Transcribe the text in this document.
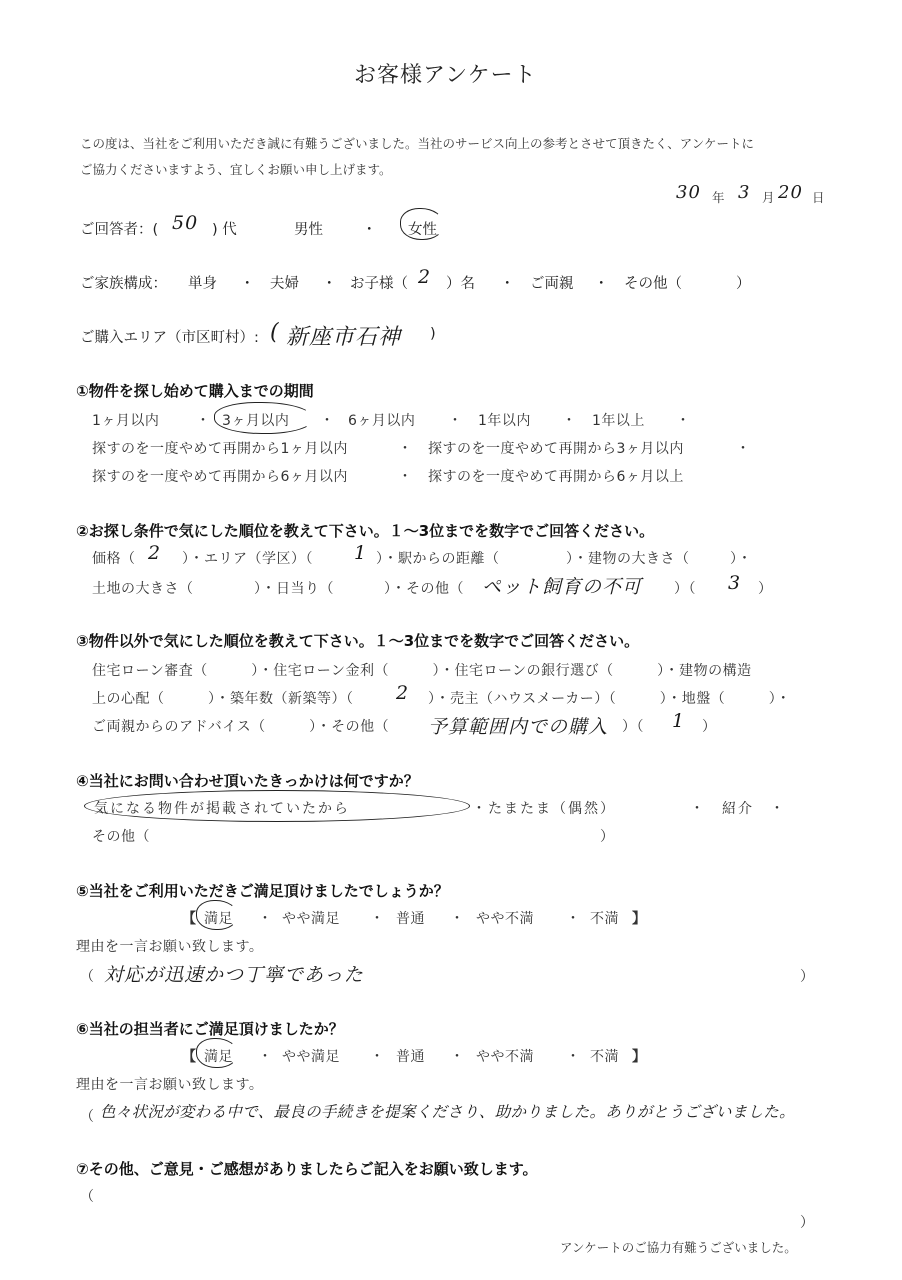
お客様アンケート
この度は、当社をご利用いただき誠に有難うございました。当社のサービス向上の参考とさせて頂きたく、アンケートに
ご協力くださいますよう、宜しくお願い申し上げます。
30 年 3 月 20 日
ご回答者：( 50 ) 代	男性	・ 女性
ご家族構成： 単身 ・ 夫婦 ・ お子様（ 2 ）名 ・ ご両親 ・ その他（	）
ご購入エリア（市区町村）: ( 新座市石神 )
①物件を探し始めて購入までの期間
1ヶ月以内	・ 3ヶ月以内 ・ 6ヶ月以内 ・ 1年以内 ・ 1年以上 ・
探すのを一度やめて再開から1ヶ月以内	・ 探すのを一度やめて再開から3ヶ月以内	・
探すのを一度やめて再開から6ヶ月以内	・ 探すのを一度やめて再開から6ヶ月以上
②お探し条件で気にした順位を教えて下さい。１～3位までを数字でご回答ください。
価格（ 2 ）・エリア（学区）（ 1 ）・駅からの距離（	）・建物の大きさ（	）・
土地の大きさ（	）・日当り（	）・その他（ ペット飼育の不可 ）（ 3 ）
③物件以外で気にした順位を教えて下さい。１～3位までを数字でご回答ください。
住宅ローン審査（　　　）・住宅ローン金利（　　　）・住宅ローンの銀行選び（　　　）・建物の構造
上の心配（　　　）・築年数（新築等）（ 2 ）・売主（ハウスメーカー）（　　　）・地盤（　　　）・
ご両親からのアドバイス（　　　）・その他（ 予算範囲内での購入 ）（ 1 ）
④当社にお問い合わせ頂いたきっかけは何ですか？
気になる物件が掲載されていたから	・たまたま（偶然）	・　紹介　・
その他（	）
⑤当社をご利用いただきご満足頂けましたでしょうか？
【 満足 ・ やや満足 ・ 普通 ・ やや不満 ・ 不満 】
理由を一言お願い致します。
（ 対応が迅速かつ丁寧であった	）
⑥当社の担当者にご満足頂けましたか？
【 満足 ・ やや満足 ・ 普通 ・ やや不満 ・ 不満 】
理由を一言お願い致します。
（ 色々状況が変わる中で、最良の手続きを提案くださり、助かりました。ありがとうございました。
⑦その他、ご意見・ご感想がありましたらご記入をお願い致します。
（
）
アンケートのご協力有難うございました。
